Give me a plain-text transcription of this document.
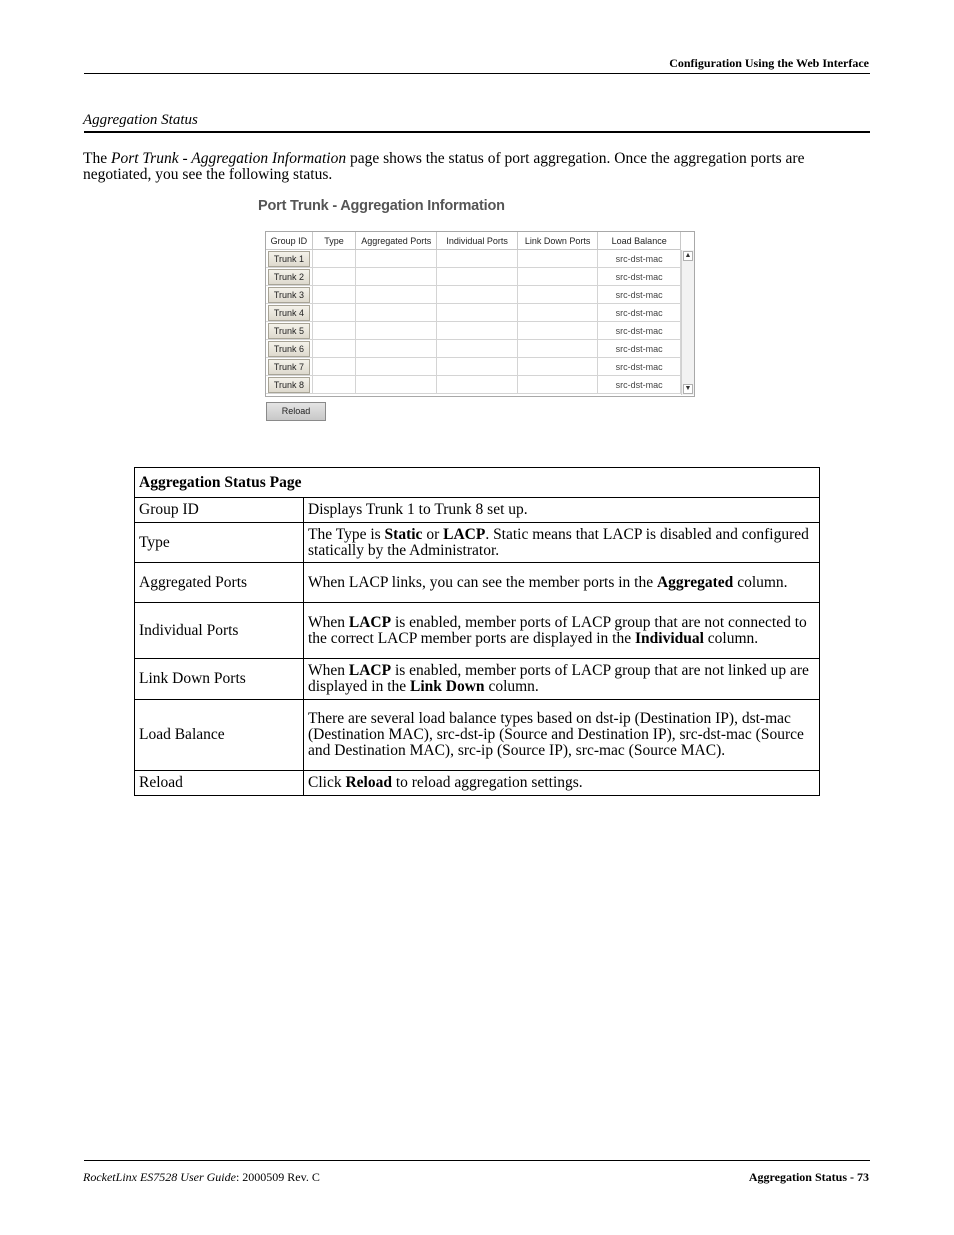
Configuration Using the Web Interface
Aggregation Status
The Port Trunk - Aggregation Information page shows the status of port aggregation. Once the aggregation ports are negotiated, you see the following status.
Port Trunk - Aggregation Information
Group ID	Type	Aggregated Ports	Individual Ports	Link Down Ports	Load Balance

Trunk 1					src-dst-mac

Trunk 2					src-dst-mac

Trunk 3					src-dst-mac

Trunk 4					src-dst-mac

Trunk 5					src-dst-mac

Trunk 6					src-dst-mac

Trunk 7					src-dst-mac

Trunk 8					src-dst-mac
▲
▼
Reload
Aggregation Status Page	
Group ID	Displays Trunk 1 to Trunk 8 set up.
Type	The Type is Static or LACP. Static means that LACP is disabled and configured statically by the Administrator.
Aggregated Ports	When LACP links, you can see the member ports in the Aggregated column.
Individual Ports	When LACP is enabled, member ports of LACP group that are not connected to the correct LACP member ports are displayed in the Individual column.
Link Down Ports	When LACP is enabled, member ports of LACP group that are not linked up are displayed in the Link Down column.
Load Balance	There are several load balance types based on dst-ip (Destination IP), dst-mac (Destination MAC), src-dst-ip (Source and Destination IP), src-dst-mac (Source and Destination MAC), src-ip (Source IP), src-mac (Source MAC).
Reload	Click Reload to reload aggregation settings.
RocketLinx ES7528 User Guide: 2000509 Rev. C	Aggregation Status - 73
